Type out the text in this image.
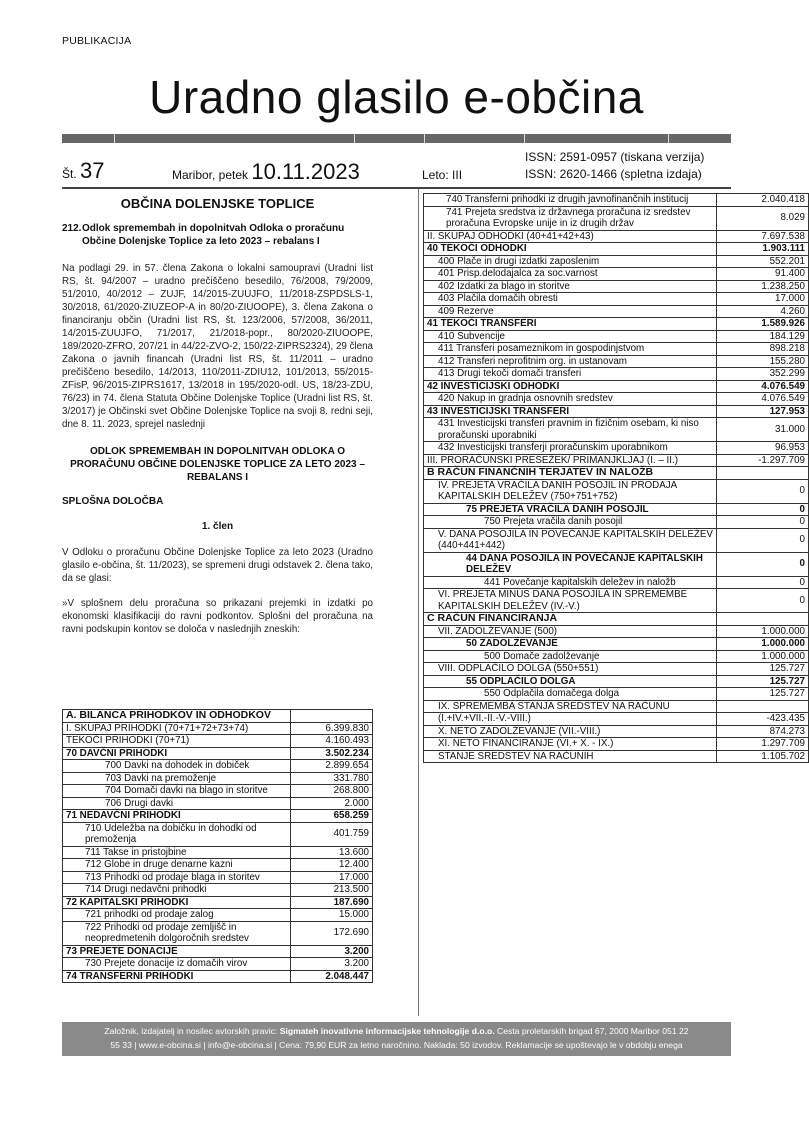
PUBLIKACIJA
Uradno glasilo e-občina
Št. 37	Maribor, petek 10.11.2023	Leto: III
ISSN: 2591-0957 (tiskana verzija)
ISSN: 2620-1466 (spletna izdaja)
OBČINA DOLENJSKE TOPLICE
212. Odlok spremembah in dopolnitvah Odloka o proračunu Občine Dolenjske Toplice za leto 2023 – rebalans I
Na podlagi 29. in 57. člena Zakona o lokalni samoupravi (Uradni list RS, št. 94/2007 – uradno prečiščeno besedilo, 76/2008, 79/2009, 51/2010, 40/2012 – ZUJF, 14/2015-ZUUJFO, 11/2018-ZSPDSLS-1, 30/2018, 61/2020-ZIUZEOP-A in 80/20-ZIUOOPE), 3. člena Zakona o financiranju občin (Uradni list RS, št. 123/2006, 57/2008, 36/2011, 14/2015-ZUUJFO, 71/2017, 21/2018-popr., 80/2020-ZIUOOPE, 189/2020-ZFRO, 207/21 in 44/22-ZVO-2, 150/22-ZIPRS2324), 29 člena Zakona o javnih financah (Uradni list RS, št. 11/2011 – uradno prečiščeno besedilo, 14/2013, 110/2011-ZDIU12, 101/2013, 55/2015-ZFisP, 96/2015-ZIPRS1617, 13/2018 in 195/2020-odl. US, 18/23-ZDU, 76/23) in 74. člena Statuta Občine Dolenjske Toplice (Uradni list RS, št. 3/2017) je Občinski svet Občine Dolenjske Toplice na svoji 8. redni seji, dne 8. 11. 2023, sprejel naslednji
ODLOK SPREMEMBAH IN DOPOLNITVAH ODLOKA O PRORAČUNU OBČINE DOLENJSKE TOPLICE ZA LETO 2023 – REBALANS I
SPLOŠNA DOLOČBA
1. člen
V Odloku o proračunu Občine Dolenjske Toplice za leto 2023 (Uradno glasilo e-občina, št. 11/2023), se spremeni drugi odstavek 2. člena tako, da se glasi:
»V splošnem delu proračuna so prikazani prejemki in izdatki po ekonomski klasifikaciji do ravni podkontov. Splošni del proračuna na ravni podskupin kontov se določa v naslednjih zneskih:
A. BILANCA PRIHODKOV IN ODHODKOV	
I. SKUPAJ PRIHODKI (70+71+72+73+74)	6.399.830
TEKOČI PRIHODKI (70+71)	4.160.493
70 DAVČNI PRIHODKI	3.502.234
700 Davki na dohodek in dobiček	2.899.654
703 Davki na premoženje	331.780
704 Domači davki na blago in storitve	268.800
706 Drugi davki	2.000
71 NEDAVČNI PRIHODKI	658.259
710 Udeležba na dobičku in dohodki od premoženja	401.759
711 Takse in pristojbine	13.600
712 Globe in druge denarne kazni	12.400
713 Prihodki od prodaje blaga in storitev	17.000
714 Drugi nedavčni prihodki	213.500
72 KAPITALSKI PRIHODKI	187.690
721 prihodki od prodaje zalog	15.000
722 Prihodki od prodaje zemljišč in neopredmetenih dolgoročnih sredstev	172.690
73 PREJETE DONACIJE	3.200
730 Prejete donacije iz domačih virov	3.200
74 TRANSFERNI PRIHODKI	2.048.447
740 Transferni prihodki iz drugih javnofinančnih institucij	2.040.418
741 Prejeta sredstva iz državnega proračuna iz sredstev proračuna Evropske unije in iz drugih držav	8.029
II. SKUPAJ ODHODKI (40+41+42+43)	7.697.538
40 TEKOČI ODHODKI	1.903.111
400 Plače in drugi izdatki zaposlenim	552.201
401 Prisp.delodajalca za soc.varnost	91.400
402 Izdatki za blago in storitve	1.238.250
403 Plačila domačih obresti	17.000
409 Rezerve	4.260
41 TEKOČI TRANSFERI	1.589.926
410 Subvencije	184.129
411 Transferi posameznikom in gospodinjstvom	898.218
412 Transferi neprofitnim org. in ustanovam	155.280
413 Drugi tekoči domači transferi	352.299
42 INVESTICIJSKI ODHODKI	4.076.549
420 Nakup in gradnja osnovnih sredstev	4.076.549
43 INVESTICIJSKI TRANSFERI	127.953
431 Investicijski transferi pravnim in fizičnim osebam, ki niso proračunski uporabniki	31.000
432 Investicijski transferji proračunskim uporabnikom	96.953
III. PRORAČUNSKI PRESEŽEK/ PRIMANJKLJAJ (I. – II.)	-1.297.709
B RAČUN FINANČNIH TERJATEV IN NALOŽB	
IV. PREJETA VRAČILA DANIH POSOJIL IN PRODAJA KAPITALSKIH DELEŽEV (750+751+752)	0
75 PREJETA VRAČILA DANIH POSOJIL	0
750 Prejeta vračila danih posojil	0
V. DANA POSOJILA IN POVEČANJE KAPITALSKIH DELEŽEV (440+441+442)	0
44 DANA POSOJILA IN POVEČANJE KAPITALSKIH DELEŽEV	0
441 Povečanje kapitalskih deležev in naložb	0
VI. PREJETA MINUS DANA POSOJILA IN SPREMEMBE KAPITALSKIH DELEŽEV (IV.-V.)	0
C RAČUN FINANCIRANJA	
VII. ZADOLŽEVANJE (500)	1.000.000
50 ZADOLŽEVANJE	1.000.000
500 Domače zadolževanje	1.000.000
VIII. ODPLAČILO DOLGA (550+551)	125.727
55 ODPLAČILO DOLGA	125.727
550 Odplačila domačega dolga	125.727
IX. SPREMEMBA STANJA SREDSTEV NA RAČUNU	
(I.+IV.+VII.-II.-V.-VIII.)	-423.435
X. NETO ZADOLŽEVANJE (VII.-VIII.)	874.273
XI. NETO FINANCIRANJE (VI.+ X. - IX.)	1.297.709
STANJE SREDSTEV NA RAČUNIH	1.105.702
Založnik, izdajatelj in nosilec avtorskih pravic: Sigmateh inovativne informacijske tehnologije d.o.o. Cesta proletarskih brigad 67, 2000 Maribor 051 22
55 33 | www.e-obcina.si | info@e-obcina.si | Cena: 79,90 EUR za letno naročnino. Naklada: 50 izvodov. Reklamacije se upoštevajo le v obdobju enega
